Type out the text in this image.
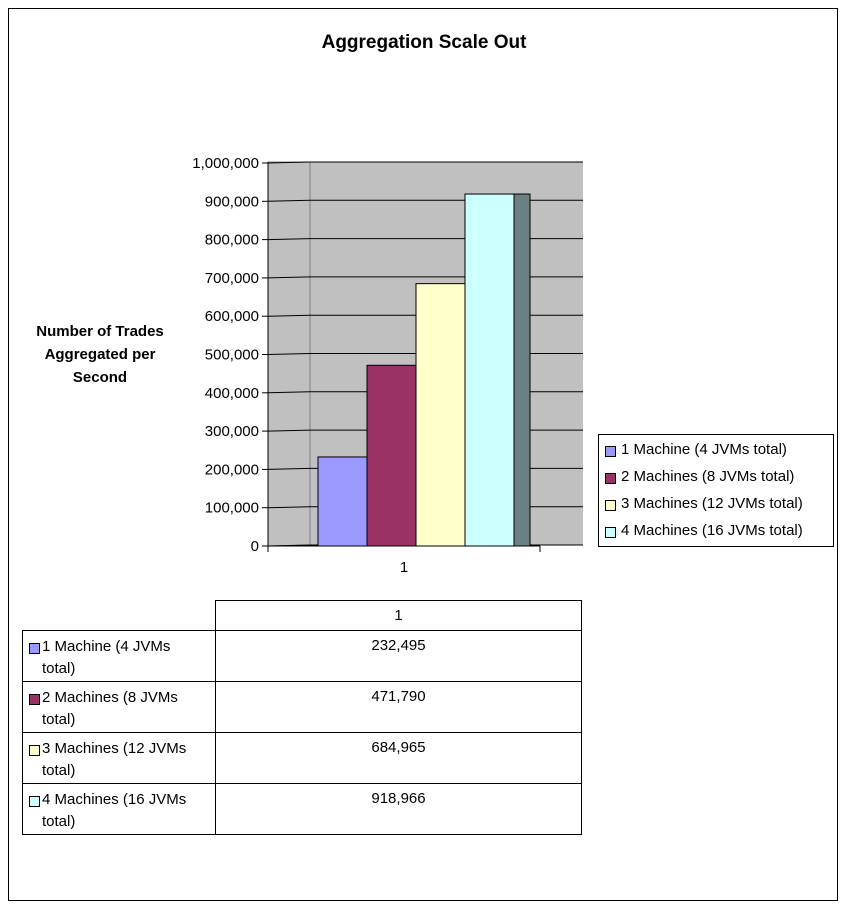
Aggregation Scale Out
Number of Trades
Aggregated per
Second
0
100,000
200,000
300,000
400,000
500,000
600,000
700,000
800,000
900,000
1,000,000
1
1 Machine (4 JVMs total)
2 Machines (8 JVMs total)
3 Machines (12 JVMs total)
4 Machines (16 JVMs total)
	1

1 Machine (4 JVMs
total)	232,495

2 Machines (8 JVMs
total)	471,790

3 Machines (12 JVMs
total)	684,965

4 Machines (16 JVMs
total)	918,966
